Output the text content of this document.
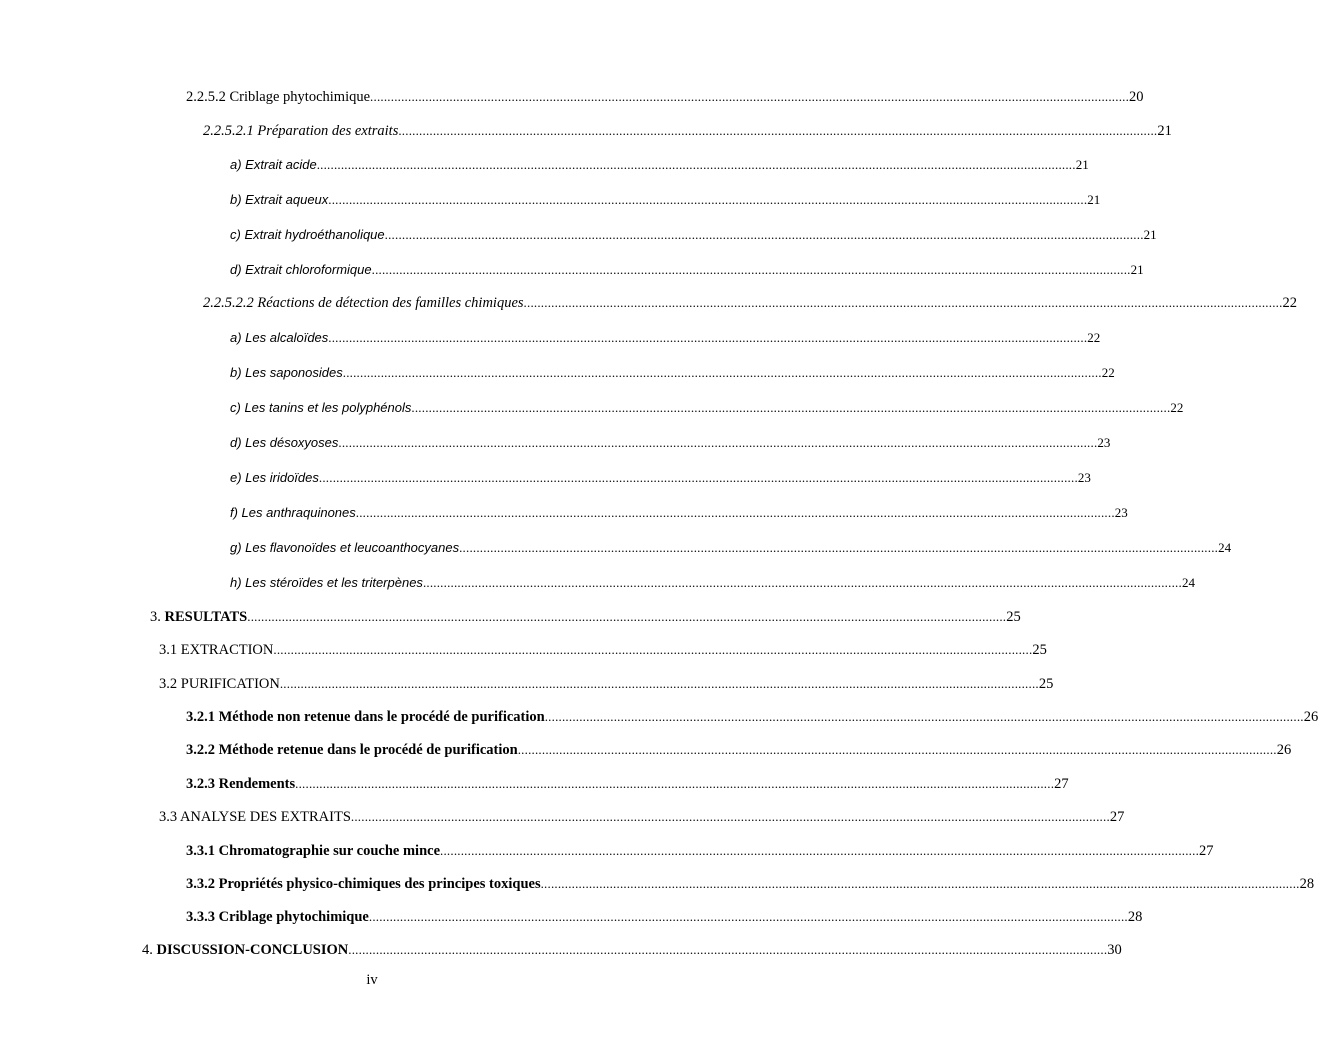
2.2.5.2 Criblage phytochimique ............................................................................................................................................................................................................................ 20
2.2.5.2.1 Préparation des extraits ............................................................................................................................................................................................................................ 21
a) Extrait acide ............................................................................................................................................................................................................................ 21
b) Extrait aqueux ............................................................................................................................................................................................................................ 21
c) Extrait hydroéthanolique ............................................................................................................................................................................................................................ 21
d) Extrait chloroformique ............................................................................................................................................................................................................................ 21
2.2.5.2.2 Réactions de détection des familles chimiques ............................................................................................................................................................................................................................ 22
a) Les alcaloïdes ............................................................................................................................................................................................................................ 22
b) Les saponosides ............................................................................................................................................................................................................................ 22
c) Les tanins et les polyphénols ............................................................................................................................................................................................................................ 22
d) Les désoxyoses ............................................................................................................................................................................................................................ 23
e) Les iridoïdes ............................................................................................................................................................................................................................ 23
f) Les anthraquinones ............................................................................................................................................................................................................................ 23
g) Les flavonoïdes et leucoanthocyanes ............................................................................................................................................................................................................................ 24
h) Les stéroïdes et les triterpènes ............................................................................................................................................................................................................................ 24
3. RESULTATS ............................................................................................................................................................................................................................ 25
3.1 EXTRACTION ............................................................................................................................................................................................................................ 25
3.2 PURIFICATION ............................................................................................................................................................................................................................ 25
3.2.1 Méthode non retenue dans le procédé de purification ............................................................................................................................................................................................................................ 26
3.2.2 Méthode retenue dans le procédé de purification ............................................................................................................................................................................................................................ 26
3.2.3 Rendements ............................................................................................................................................................................................................................ 27
3.3 ANALYSE DES EXTRAITS ............................................................................................................................................................................................................................ 27
3.3.1 Chromatographie sur couche mince ............................................................................................................................................................................................................................ 27
3.3.2 Propriétés physico-chimiques des principes toxiques ............................................................................................................................................................................................................................ 28
3.3.3 Criblage phytochimique ............................................................................................................................................................................................................................ 28
4. DISCUSSION-CONCLUSION ............................................................................................................................................................................................................................ 30
iv
